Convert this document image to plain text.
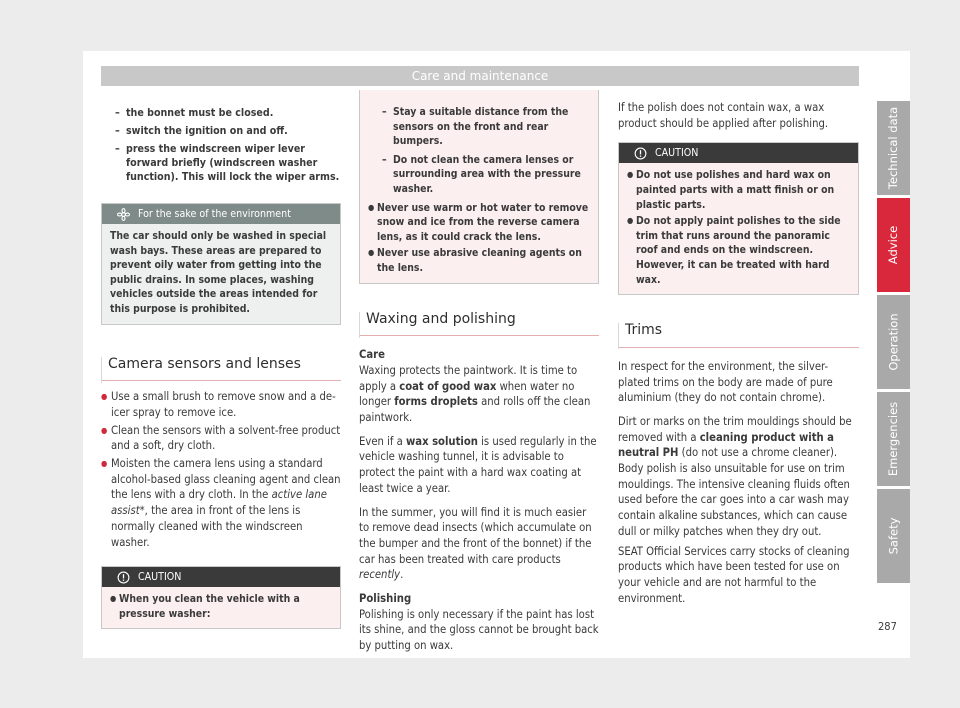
Care and maintenance
– the bonnet must be closed.
– switch the ignition on and off.
– press the windscreen wiper lever forward briefly (windscreen washer function). This will lock the wiper arms.
For the sake of the environment
The car should only be washed in special wash bays. These areas are prepared to prevent oily water from getting into the public drains. In some places, washing vehicles outside the areas intended for this purpose is prohibited.
Camera sensors and lenses
● Use a small brush to remove snow and a de-icer spray to remove ice.
● Clean the sensors with a solvent-free product and a soft, dry cloth.
● Moisten the camera lens using a standard alcohol-based glass cleaning agent and clean the lens with a dry cloth. In the active lane assist*, the area in front of the lens is normally cleaned with the windscreen washer.
CAUTION
● When you clean the vehicle with a pressure washer:
– Stay a suitable distance from the sensors on the front and rear bumpers.
– Do not clean the camera lenses or surrounding area with the pressure washer.
● Never use warm or hot water to remove snow and ice from the reverse camera lens, as it could crack the lens.
● Never use abrasive cleaning agents on the lens.
Waxing and polishing

Care

Waxing protects the paintwork. It is time to apply a coat of good wax when water no longer forms droplets and rolls off the clean paintwork.

Even if a wax solution is used regularly in the vehicle washing tunnel, it is advisable to protect the paint with a hard wax coating at least twice a year.

In the summer, you will find it is much easier to remove dead insects (which accumulate on the bumper and the front of the bonnet) if the car has been treated with care products recently.

Polishing

Polishing is only necessary if the paint has lost its shine, and the gloss cannot be brought back by putting on wax.

If the polish does not contain wax, a wax product should be applied after polishing.

CAUTION
● Do not use polishes and hard wax on painted parts with a matt finish or on plastic parts.
● Do not apply paint polishes to the side trim that runs around the panoramic roof and ends on the windscreen. However, it can be treated with hard wax.
Trims

In respect for the environment, the silver-plated trims on the body are made of pure aluminium (they do not contain chrome).

Dirt or marks on the trim mouldings should be removed with a cleaning product with a neutral PH (do not use a chrome cleaner). Body polish is also unsuitable for use on trim mouldings. The intensive cleaning fluids often used before the car goes into a car wash may contain alkaline substances, which can cause dull or milky patches when they dry out.

SEAT Official Services carry stocks of cleaning products which have been tested for use on your vehicle and are not harmful to the environment.

Technical data
Advice
Operation
Emergencies
Safety
287
